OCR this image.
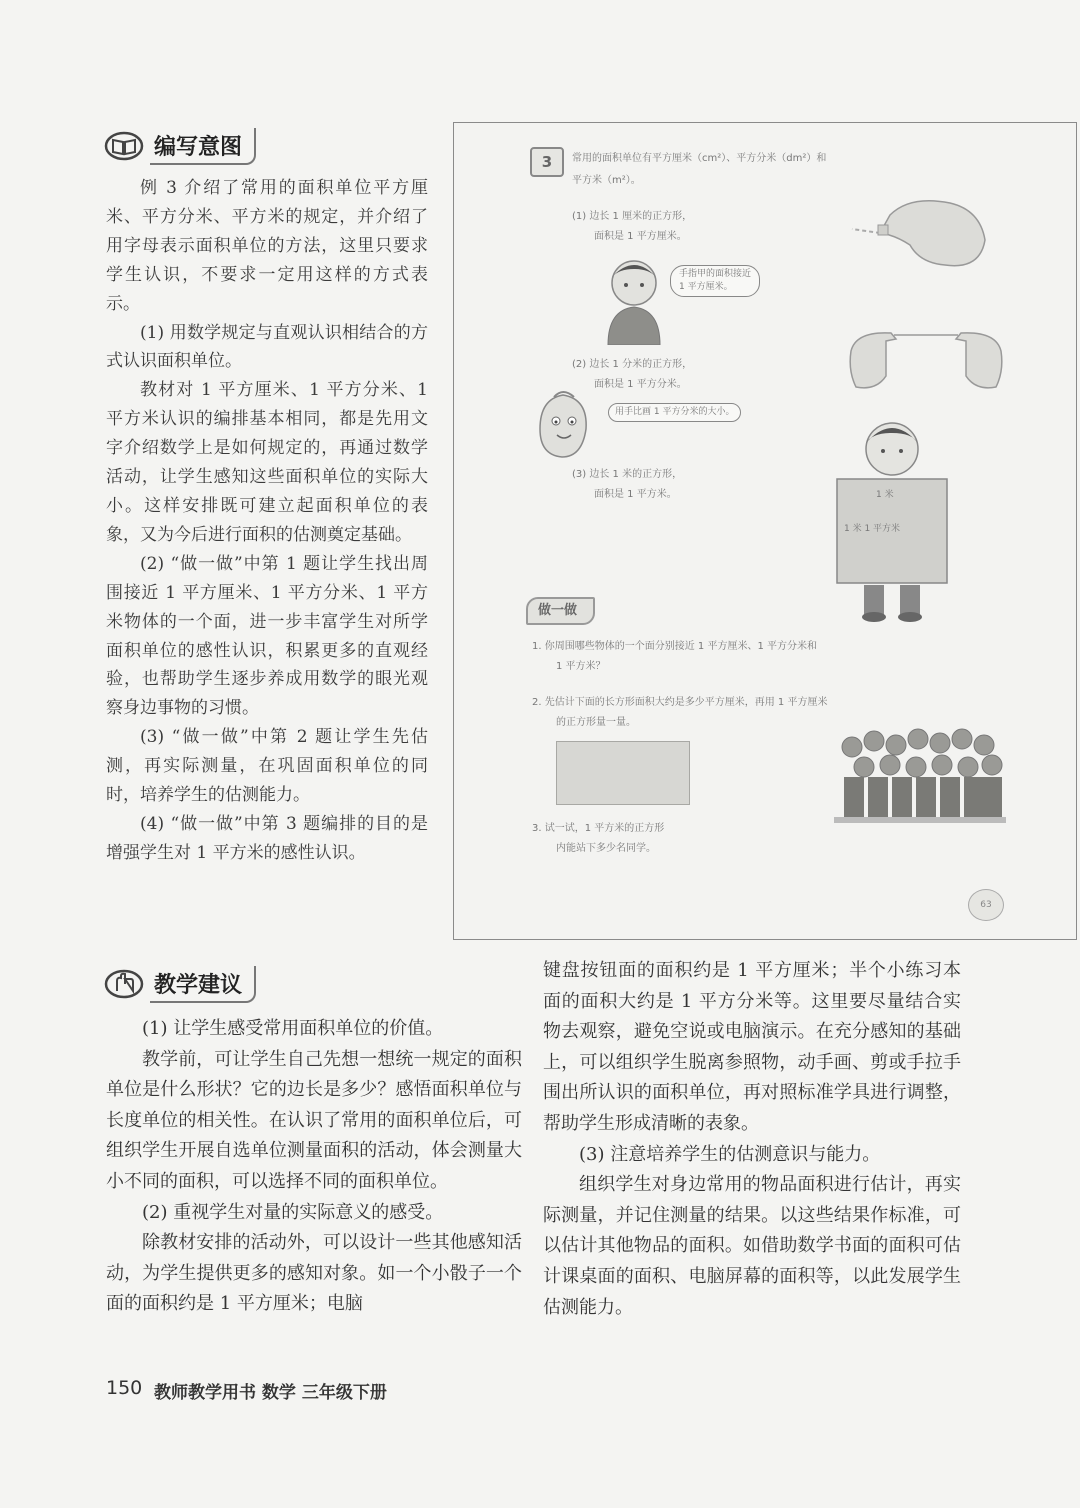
编写意图

例 3 介绍了常用的面积单位平方厘米、平方分米、平方米的规定，并介绍了用字母表示面积单位的方法，这里只要求学生认识，不要求一定用这样的方式表示。

(1) 用数学规定与直观认识相结合的方式认识面积单位。

教材对 1 平方厘米、1 平方分米、1 平方米认识的编排基本相同，都是先用文字介绍数学上是如何规定的，再通过数学活动，让学生感知这些面积单位的实际大小。这样安排既可建立起面积单位的表象，又为今后进行面积的估测奠定基础。

(2) “做一做”中第 1 题让学生找出周围接近 1 平方厘米、1 平方分米、1 平方米物体的一个面，进一步丰富学生对所学面积单位的感性认识，积累更多的直观经验，也帮助学生逐步养成用数学的眼光观察身边事物的习惯。

(3) “做一做”中第 2 题让学生先估测，再实际测量，在巩固面积单位的同时，培养学生的估测能力。

(4) “做一做”中第 3 题编排的目的是增强学生对 1 平方米的感性认识。

3	常用的面积单位有平方厘米（cm²）、平方分米（dm²）和
平方米（m²）。
(1) 边长 1 厘米的正方形，
面积是 1 平方厘米。
手指甲的面积接近
1 平方厘米。
(2) 边长 1 分米的正方形，
面积是 1 平方分米。
用手比画 1 平方分米的大小。
(3) 边长 1 米的正方形，
面积是 1 平方米。	1 米
1 米 1 平方米
做一做
1. 你周围哪些物体的一个面分别接近 1 平方厘米、1 平方分米和
1 平方米？
2. 先估计下面的长方形面积大约是多少平方厘米，再用 1 平方厘米
的正方形量一量。
3. 试一试，1 平方米的正方形
内能站下多少名同学。
63
教学建议

(1) 让学生感受常用面积单位的价值。

教学前，可让学生自己先想一想统一规定的面积单位是什么形状？它的边长是多少？感悟面积单位与长度单位的相关性。在认识了常用的面积单位后，可组织学生开展自选单位测量面积的活动，体会测量大小不同的面积，可以选择不同的面积单位。

(2) 重视学生对量的实际意义的感受。

除教材安排的活动外，可以设计一些其他感知活动，为学生提供更多的感知对象。如一个小骰子一个面的面积约是 1 平方厘米；电脑

键盘按钮面的面积约是 1 平方厘米；半个小练习本面的面积大约是 1 平方分米等。这里要尽量结合实物去观察，避免空说或电脑演示。在充分感知的基础上，可以组织学生脱离参照物，动手画、剪或手拉手围出所认识的面积单位，再对照标准学具进行调整，帮助学生形成清晰的表象。

(3) 注意培养学生的估测意识与能力。

组织学生对身边常用的物品面积进行估计，再实际测量，并记住测量的结果。以这些结果作标准，可以估计其他物品的面积。如借助数学书面的面积可估计课桌面的面积、电脑屏幕的面积等，以此发展学生估测能力。

150 教师教学用书 数学 三年级下册
